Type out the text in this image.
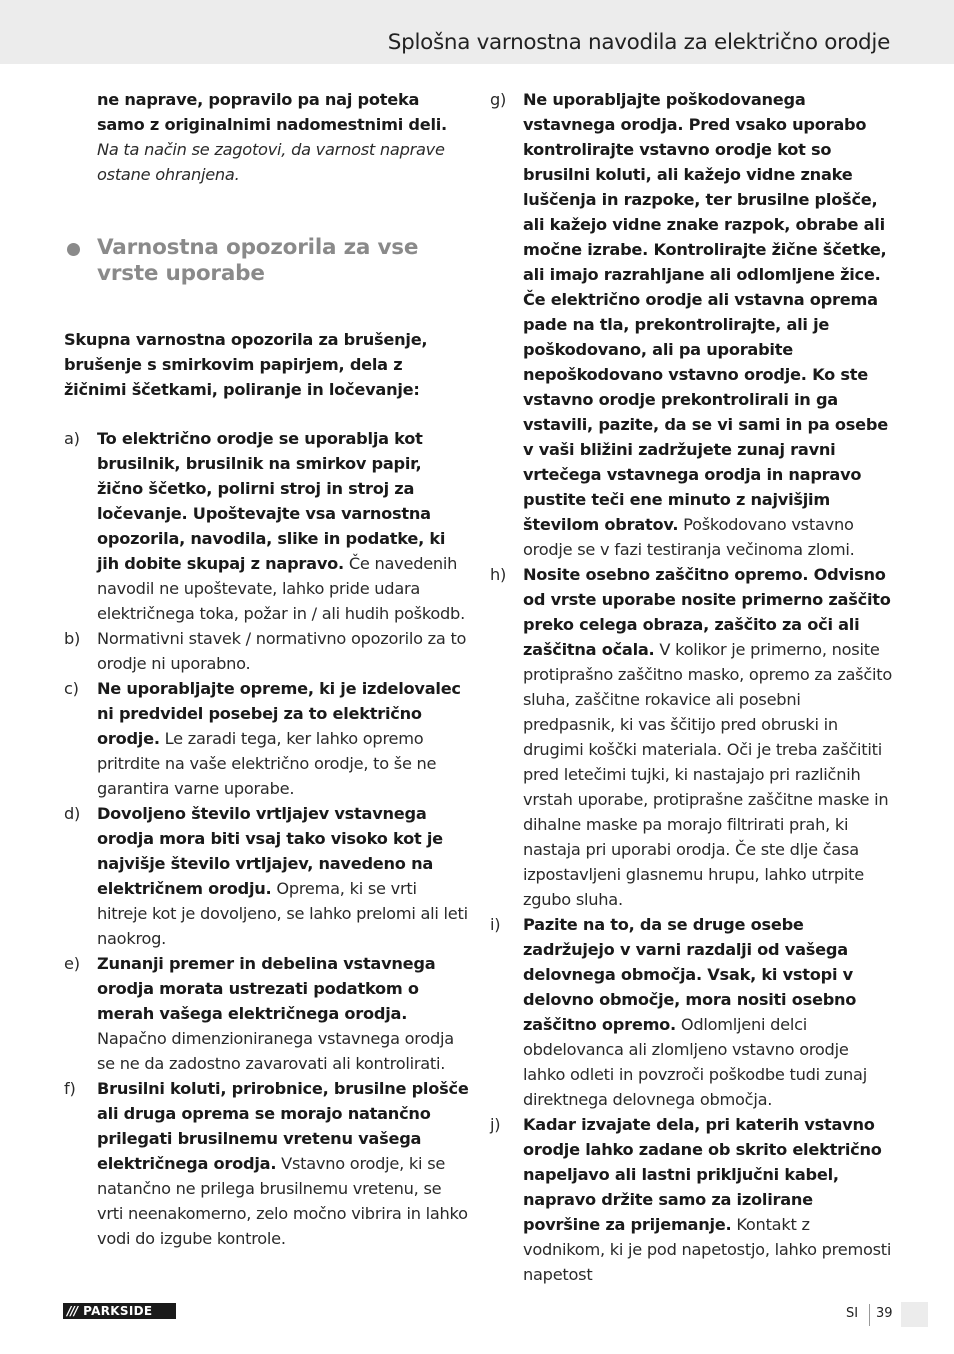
Splošna varnostna navodila za električno orodje
ne naprave, popravilo pa naj poteka samo z originalnimi nadomestnimi deli.
Na ta način se zagotovi, da varnost naprave ostane ohranjena.
Varnostna opozorila za vse vrste uporabe
Skupna varnostna opozorila za brušenje, brušenje s smirkovim papirjem, dela z žičnimi ščetkami, poliranje in ločevanje:
a) To električno orodje se uporablja kot brusilnik, brusilnik na smirkov papir, žično ščetko, polirni stroj in stroj za ločevanje. Upoštevajte vsa varnostna opozorila, navodila, slike in podatke, ki jih dobite skupaj z napravo. Če navedenih navodil ne upoštevate, lahko pride udara električnega toka, požar in / ali hudih poškodb.
b) Normativni stavek / normativno opozorilo za to orodje ni uporabno.
c) Ne uporabljajte opreme, ki je izdelovalec ni predvidel posebej za to električno orodje. Le zaradi tega, ker lahko opremo pritrdite na vaše električno orodje, to še ne garantira varne uporabe.
d) Dovoljeno število vrtljajev vstavnega orodja mora biti vsaj tako visoko kot je najvišje število vrtljajev, navedeno na električnem orodju. Oprema, ki se vrti hitreje kot je dovoljeno, se lahko prelomi ali leti naokrog.
e) Zunanji premer in debelina vstavnega orodja morata ustrezati podatkom o merah vašega električnega orodja. Napačno dimenzioniranega vstavnega orodja se ne da zadostno zavarovati ali kontrolirati.
f) Brusilni koluti, prirobnice, brusilne plošče ali druga oprema se morajo natančno prilegati brusilnemu vretenu vašega električnega orodja. Vstavno orodje, ki se natančno ne prilega brusilnemu vretenu, se vrti neenakomerno, zelo močno vibrira in lahko vodi do izgube kontrole.
g) Ne uporabljajte poškodovanega vstavnega orodja. Pred vsako uporabo kontrolirajte vstavno orodje kot so brusilni koluti, ali kažejo vidne znake luščenja in razpoke, ter brusilne plošče, ali kažejo vidne znake razpok, obrabe ali močne izrabe. Kontrolirajte žične ščetke, ali imajo razrahljane ali odlomljene žice. Če električno orodje ali vstavna oprema pade na tla, prekontrolirajte, ali je poškodovano, ali pa uporabite nepoškodovano vstavno orodje. Ko ste vstavno orodje prekontrolirali in ga vstavili, pazite, da se vi sami in pa osebe v vaši bližini zadržujete zunaj ravni vrtečega vstavnega orodja in napravo pustite teči ene minuto z najvišjim številom obratov. Poškodovano vstavno orodje se v fazi testiranja večinoma zlomi.
h) Nosite osebno zaščitno opremo. Odvisno od vrste uporabe nosite primerno zaščito preko celega obraza, zaščito za oči ali zaščitna očala. V kolikor je primerno, nosite protiprašno zaščitno masko, opremo za zaščito sluha, zaščitne rokavice ali posebni predpasnik, ki vas ščitijo pred obruski in drugimi koščki materiala. Oči je treba zaščititi pred letečimi tujki, ki nastajajo pri različnih vrstah uporabe, protiprašne zaščitne maske in dihalne maske pa morajo filtrirati prah, ki nastaja pri uporabi orodja. Če ste dlje časa izpostavljeni glasnemu hrupu, lahko utrpite zgubo sluha.
i) Pazite na to, da se druge osebe zadržujejo v varni razdalji od vašega delovnega območja. Vsak, ki vstopi v delovno območje, mora nositi osebno zaščitno opremo. Odlomljeni delci obdelovanca ali zlomljeno vstavno orodje lahko odleti in povzroči poškodbe tudi zunaj direktnega delovnega območja.
j) Kadar izvajate dela, pri katerih vstavno orodje lahko zadane ob skrito električno napeljavo ali lastni priključni kabel, napravo držite samo za izolirane površine za prijemanje. Kontakt z vodnikom, ki je pod napetostjo, lahko premosti napetost
/// PARKSIDE	SI 39
